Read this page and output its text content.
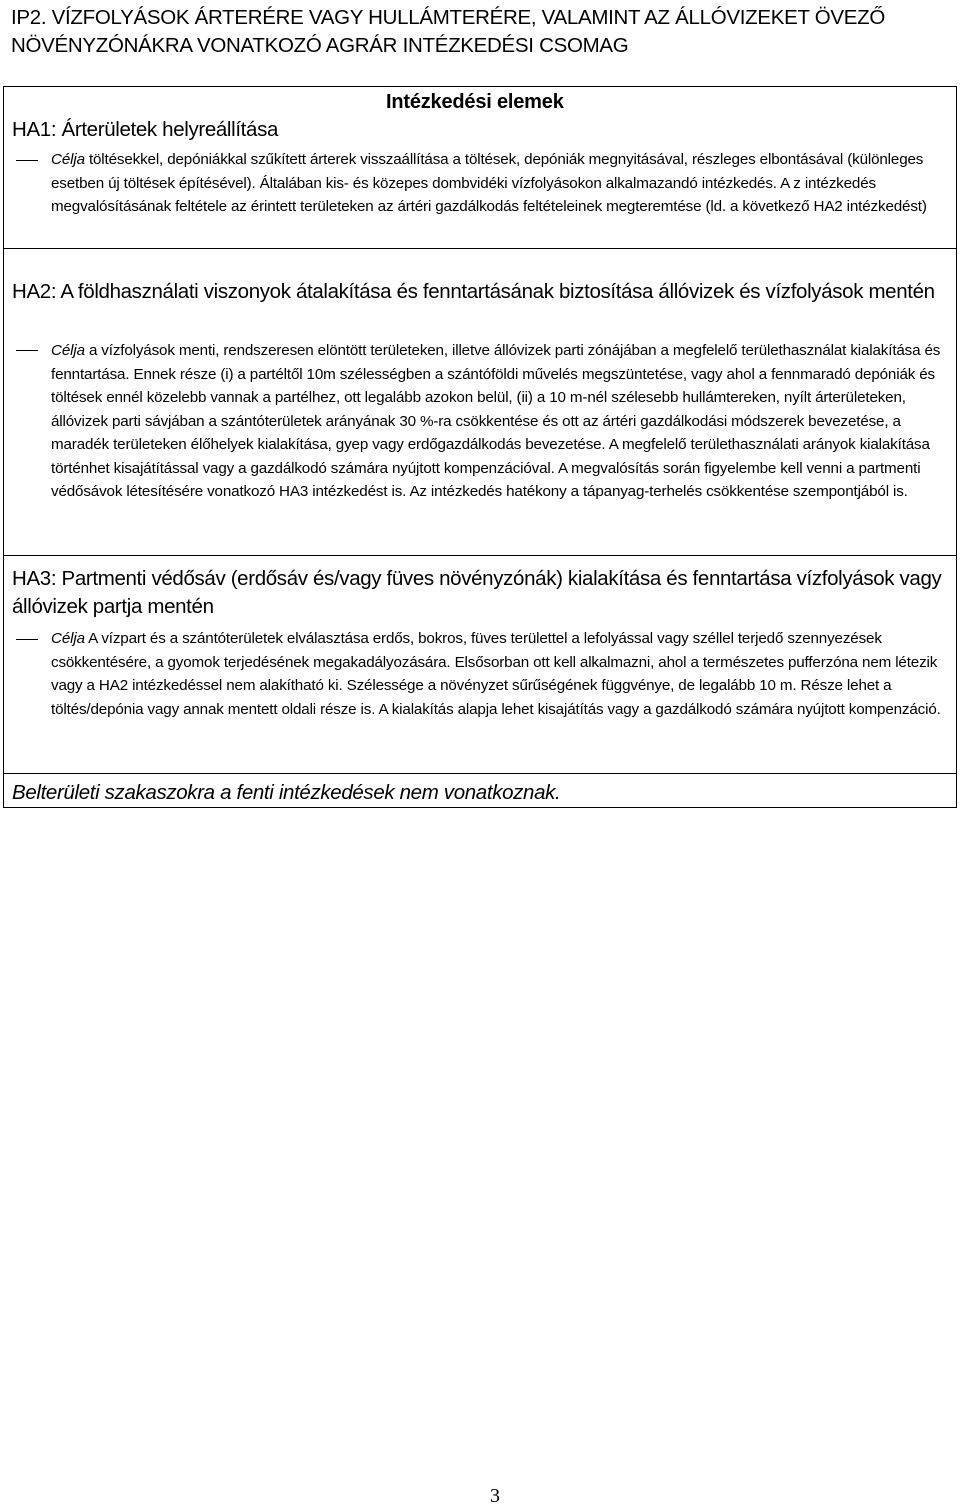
IP2. VÍZFOLYÁSOK ÁRTERÉRE VAGY HULLÁMTERÉRE, VALAMINT AZ ÁLLÓVIZEKET ÖVEZŐ NÖVÉNYZÓNÁKRA VONATKOZÓ AGRÁR INTÉZKEDÉSI CSOMAG
Intézkedési elemek
HA1: Árterületek helyreállítása
Célja töltésekkel, depóniákkal szűkített árterek visszaállítása a töltések, depóniák megnyitásával, részleges elbontásával (különleges esetben új töltések építésével). Általában kis- és közepes dombvidéki vízfolyásokon alkalmazandó intézkedés. A z intézkedés megvalósításának feltétele az érintett területeken az ártéri gazdálkodás feltételeinek megteremtése (ld. a következő HA2 intézkedést)
HA2: A földhasználati viszonyok átalakítása és fenntartásának biztosítása állóvizek és vízfolyások mentén
Célja a vízfolyások menti, rendszeresen elöntött területeken, illetve állóvizek parti zónájában a megfelelő területhasználat kialakítása és fenntartása. Ennek része (i) a partéltől 10m szélességben a szántóföldi művelés megszüntetése, vagy ahol a fennmaradó depóniák és töltések ennél közelebb vannak a partélhez, ott legalább azokon belül, (ii) a 10 m-nél szélesebb hullámtereken, nyílt árterületeken, állóvizek parti sávjában a szántóterületek arányának 30 %-ra csökkentése és ott az ártéri gazdálkodási módszerek bevezetése, a maradék területeken élőhelyek kialakítása, gyep vagy erdőgazdálkodás bevezetése. A megfelelő területhasználati arányok kialakítása történhet kisajátítással vagy a gazdálkodó számára nyújtott kompenzációval. A megvalósítás során figyelembe kell venni a partmenti védősávok létesítésére vonatkozó HA3 intézkedést is. Az intézkedés hatékony a tápanyag-terhelés csökkentése szempontjából is.
HA3: Partmenti védősáv (erdősáv és/vagy füves növényzónák) kialakítása és fenntartása vízfolyások vagy állóvizek partja mentén
Célja A vízpart és a szántóterületek elválasztása erdős, bokros, füves területtel a lefolyással vagy széllel terjedő szennyezések csökkentésére, a gyomok terjedésének megakadályozására. Elsősorban ott kell alkalmazni, ahol a természetes pufferzóna nem létezik vagy a HA2 intézkedéssel nem alakítható ki. Szélessége a növényzet sűrűségének függvénye, de legalább 10 m. Része lehet a töltés/depónia vagy annak mentett oldali része is. A kialakítás alapja lehet kisajátítás vagy a gazdálkodó számára nyújtott kompenzáció.
Belterületi szakaszokra a fenti intézkedések nem vonatkoznak.
3
